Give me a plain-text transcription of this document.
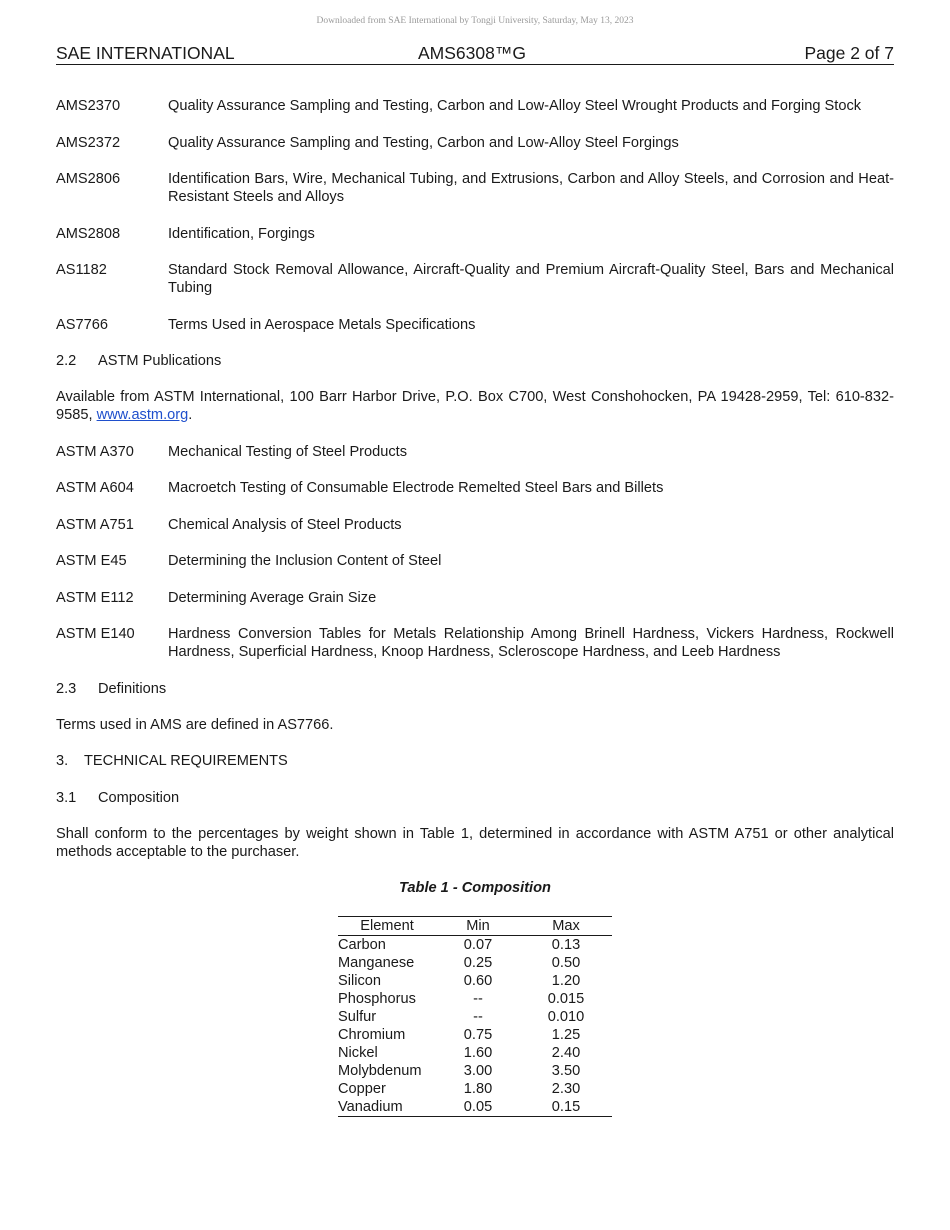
Downloaded from SAE International by Tongji University, Saturday, May 13, 2023
SAE INTERNATIONAL	AMS6308™G	Page 2 of 7
AMS2370	Quality Assurance Sampling and Testing, Carbon and Low-Alloy Steel Wrought Products and Forging Stock
AMS2372	Quality Assurance Sampling and Testing, Carbon and Low-Alloy Steel Forgings
AMS2806	Identification Bars, Wire, Mechanical Tubing, and Extrusions, Carbon and Alloy Steels, and Corrosion and Heat-Resistant Steels and Alloys
AMS2808	Identification, Forgings
AS1182	Standard Stock Removal Allowance, Aircraft-Quality and Premium Aircraft-Quality Steel, Bars and Mechanical Tubing
AS7766	Terms Used in Aerospace Metals Specifications
2.2 ASTM Publications
Available from ASTM International, 100 Barr Harbor Drive, P.O. Box C700, West Conshohocken, PA 19428-2959, Tel: 610-832-9585, www.astm.org.
ASTM A370 Mechanical Testing of Steel Products
ASTM A604 Macroetch Testing of Consumable Electrode Remelted Steel Bars and Billets
ASTM A751 Chemical Analysis of Steel Products
ASTM E45	Determining the Inclusion Content of Steel
ASTM E112 Determining Average Grain Size
ASTM E140 Hardness Conversion Tables for Metals Relationship Among Brinell Hardness, Vickers Hardness, Rockwell Hardness, Superficial Hardness, Knoop Hardness, Scleroscope Hardness, and Leeb Hardness
2.3 Definitions
Terms used in AMS are defined in AS7766.
3. TECHNICAL REQUIREMENTS
3.1 Composition
Shall conform to the percentages by weight shown in Table 1, determined in accordance with ASTM A751 or other analytical methods acceptable to the purchaser.
Table 1 - Composition
Element	Min	Max
Carbon	0.07	0.13
Manganese	0.25	0.50
Silicon	0.60	1.20
Phosphorus	--	0.015
Sulfur	--	0.010
Chromium	0.75	1.25
Nickel	1.60	2.40
Molybdenum	3.00	3.50
Copper	1.80	2.30
Vanadium	0.05	0.15
